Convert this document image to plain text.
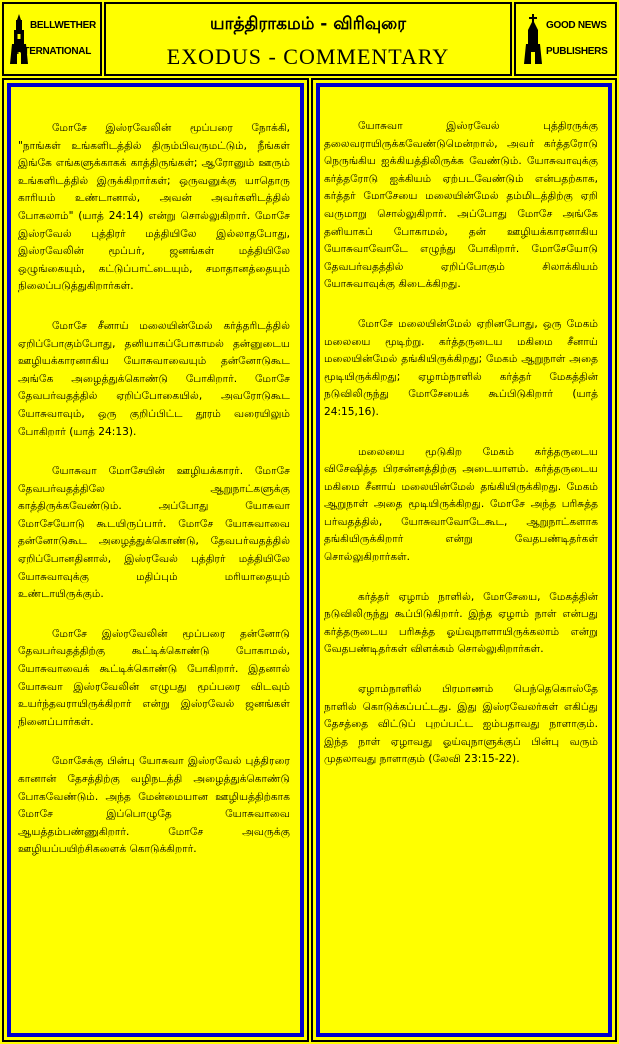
BELLWETHER
INTERNATIONAL
யாத்திராகமம் - விரிவுரை
EXODUS - COMMENTARY
GOOD NEWS
PUBLISHERS

மோசே இஸ்ரவேலின் மூப்பரை நோக்கி, "நாங்கள் உங்களிடத்தில் திரும்பிவருமட்டும், நீங்கள் இங்கே எங்களுக்காகக் காத்திருங்கள்; ஆரோனும் ஊரும் உங்களிடத்தில் இருக்கிறார்கள்; ஒருவனுக்கு யாதொரு காரியம் உண்டானால், அவன் அவர்களிடத்தில் போகலாம்" (யாத் 24:14) என்று சொல்லுகிறார். மோசே இஸ்ரவேல் புத்திரர் மத்தியிலே இல்லாதபோது, இஸ்ரவேலின் மூப்பர், ஜனங்கள் மத்தியிலே ஒழுங்கையும், கட்டுப்பாட்டையும், சமாதானத்தையும் நிலைப்படுத்துகிறார்கள்.

மோசே சீனாய் மலையின்மேல் கர்த்தரிடத்தில் ஏறிப்போகும்போது, தனியாகப்போகாமல் தன்னுடைய ஊழியக்காரனாகிய யோசுவாவையும் தன்னோடுகூட அங்கே அழைத்துக்கொண்டு போகிறார். மோசே தேவபர்வதத்தில் ஏறிப்போகையில், அவரோடுகூட யோசுவாவும், ஒரு குறிப்பிட்ட தூரம் வரையிலும் போகிறார் (யாத் 24:13).

யோசுவா மோசேயின் ஊழியக்காரர். மோசே தேவபர்வதத்திலே ஆறுநாட்களுக்கு காத்திருக்கவேண்டும். அப்போது யோசுவா மோசேயோடு கூடயிருப்பார். மோசே யோசுவாவை தன்னோடுகூட அழைத்துக்கொண்டு, தேவபர்வதத்தில் ஏறிப்போனதினால், இஸ்ரவேல் புத்திரர் மத்தியிலே யோசுவாவுக்கு மதிப்பும் மரியாதையும் உண்டாயிருக்கும்.

மோசே இஸ்ரவேலின் மூப்பரை தன்னோடு தேவபர்வதத்திற்கு கூட்டிக்கொண்டு போகாமல், யோசுவாவைக் கூட்டிக்கொண்டு போகிறார். இதனால் யோசுவா இஸ்ரவேலின் எழுபது மூப்பரை விடவும் உயர்ந்தவராயிருக்கிறார் என்று இஸ்ரவேல் ஜனங்கள் நினைப்பார்கள்.

மோசேக்கு பின்பு யோசுவா இஸ்ரவேல் புத்திரரை கானான் தேசத்திற்கு வழிநடத்தி அழைத்துக்கொண்டு போகவேண்டும். அந்த மேன்மையான ஊழியத்திற்காக மோசே இப்பொழுதே யோசுவாவை ஆயத்தம்பண்ணுகிறார். மோசே அவருக்கு ஊழியப்பயிற்சிகளைக் கொடுக்கிறார்.

யோசுவா இஸ்ரவேல் புத்திரருக்கு தலைவராயிருக்கவேண்டுமென்றால், அவர் கர்த்தரோடு நெருங்கிய ஐக்கியத்திலிருக்க வேண்டும். யோசுவாவுக்கு கர்த்தரோடு ஐக்கியம் ஏற்படவேண்டும் என்பதற்காக, கர்த்தர் மோசேயை மலையின்மேல் தம்மிடத்திற்கு ஏறி வருமாறு சொல்லுகிறார். அப்போது மோசே அங்கே தனியாகப் போகாமல், தன் ஊழியக்காரனாகிய யோசுவாவோடே எழுந்து போகிறார். மோசேயோடு தேவபர்வதத்தில் ஏறிப்போகும் சிலாக்கியம் யோசுவாவுக்கு கிடைக்கிறது.

மோசே மலையின்மேல் ஏறினபோது, ஒரு மேகம் மலையை மூடிற்று. கர்த்தருடைய மகிமை சீனாய் மலையின்மேல் தங்கியிருக்கிறது; மேகம் ஆறுநாள் அதை மூடியிருக்கிறது; ஏழாம்நாளில் கர்த்தர் மேகத்தின் நடுவிலிருந்து மோசேயைக் கூப்பிடுகிறார் (யாத் 24:15,16).

மலையை மூடுகிற மேகம் கர்த்தருடைய விசேஷித்த பிரசன்னத்திற்கு அடையாளம். கர்த்தருடைய மகிமை சீனாய் மலையின்மேல் தங்கியிருக்கிறது. மேகம் ஆறுநாள் அதை மூடியிருக்கிறது. மோசே அந்த பரிசுத்த பர்வதத்தில், யோசுவாவோடேகூட, ஆறுநாட்களாக தங்கியிருக்கிறார் என்று வேதபண்டிதர்கள் சொல்லுகிறார்கள்.

கர்த்தர் ஏழாம் நாளில், மோசேயை, மேகத்தின் நடுவிலிருந்து கூப்பிடுகிறார். இந்த ஏழாம் நாள் என்பது கர்த்தருடைய பரிசுத்த ஓய்வுநாளாயிருக்கலாம் என்று வேதபண்டிதர்கள் விளக்கம் சொல்லுகிறார்கள்.

ஏழாம்நாளில் பிரமாணம் பெந்தெகொஸ்தே நாளில் கொடுக்கப்பட்டது. இது இஸ்ரவேலர்கள் எகிப்து தேசத்தை விட்டுப் புறப்பட்ட ஐம்பதாவது நாளாகும். இந்த நாள் ஏழாவது ஓய்வுநாளுக்குப் பின்பு வரும் முதலாவது நாளாகும் (லேவி 23:15-22).
